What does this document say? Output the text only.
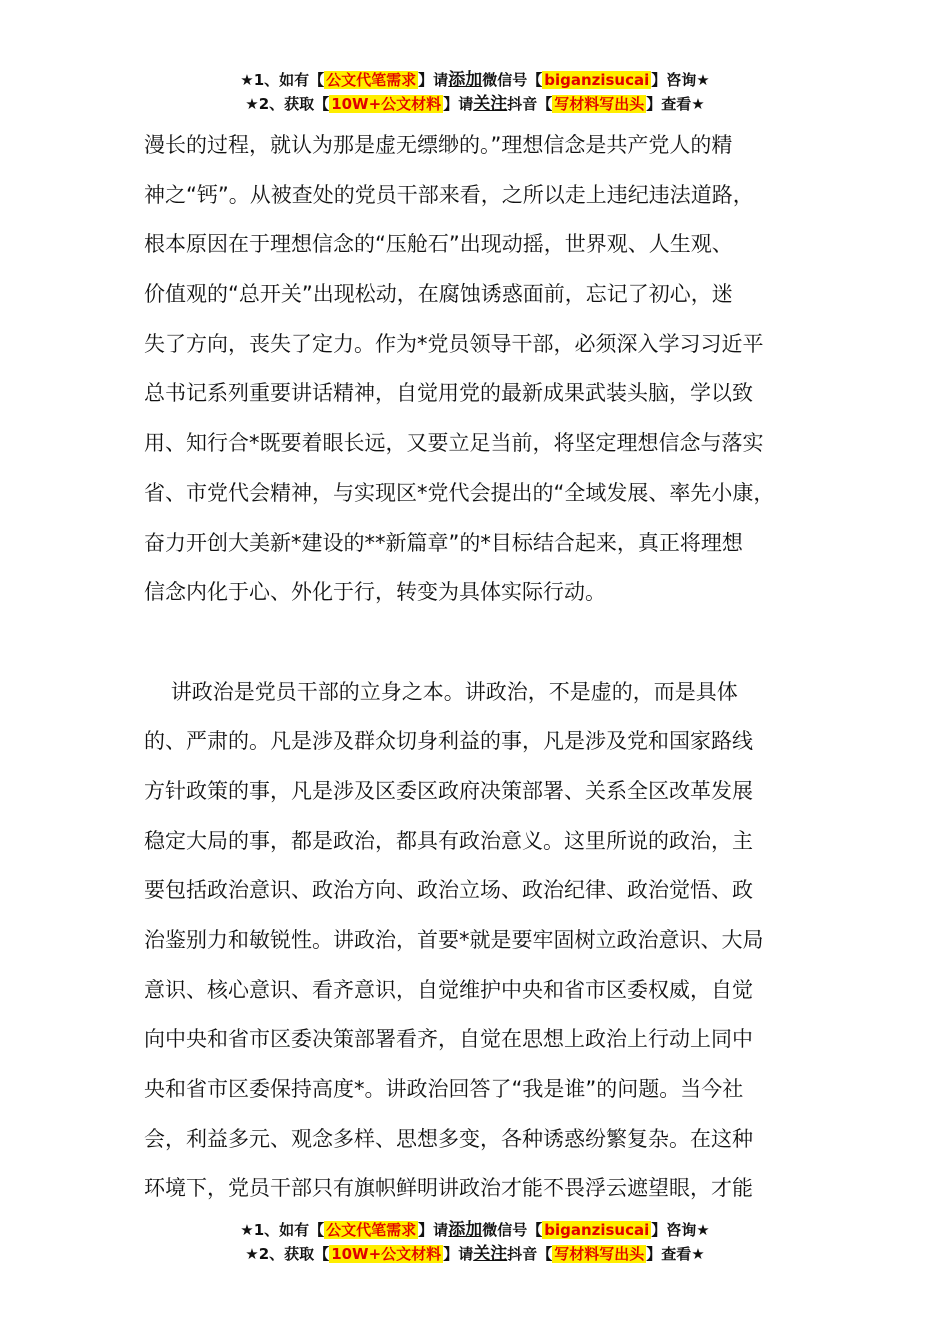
★1、如有【 公文代笔需求 】请添加微信号【 biganzisucai 】咨询★
★2、获取【 10W+公文材料 】请关注抖音【 写材料写出头 】查看★
漫长的过程，就认为那是虚无缥缈的。”理想信念是共产党人的精
神之“钙”。从被查处的党员干部来看，之所以走上违纪违法道路，
根本原因在于理想信念的“压舱石”出现动摇，世界观、人生观、
价值观的“总开关”出现松动，在腐蚀诱惑面前，忘记了初心，迷
失了方向，丧失了定力。作为*党员领导干部，必须深入学习习近平
总书记系列重要讲话精神，自觉用党的最新成果武装头脑，学以致
用、知行合*既要着眼长远，又要立足当前，将坚定理想信念与落实
省、市党代会精神，与实现区*党代会提出的“全域发展、率先小康，
奋力开创大美新*建设的**新篇章”的*目标结合起来，真正将理想
信念内化于心、外化于行，转变为具体实际行动。
讲政治是党员干部的立身之本。讲政治，不是虚的，而是具体
的、严肃的。凡是涉及群众切身利益的事，凡是涉及党和国家路线
方针政策的事，凡是涉及区委区政府决策部署、关系全区改革发展
稳定大局的事，都是政治，都具有政治意义。这里所说的政治，主
要包括政治意识、政治方向、政治立场、政治纪律、政治觉悟、政
治鉴别力和敏锐性。讲政治，首要*就是要牢固树立政治意识、大局
意识、核心意识、看齐意识，自觉维护中央和省市区委权威，自觉
向中央和省市区委决策部署看齐，自觉在思想上政治上行动上同中
央和省市区委保持高度*。讲政治回答了“我是谁”的问题。当今社
会，利益多元、观念多样、思想多变，各种诱惑纷繁复杂。在这种
环境下，党员干部只有旗帜鲜明讲政治才能不畏浮云遮望眼，才能
★1、如有【 公文代笔需求 】请添加微信号【 biganzisucai 】咨询★
★2、获取【 10W+公文材料 】请关注抖音【 写材料写出头 】查看★
